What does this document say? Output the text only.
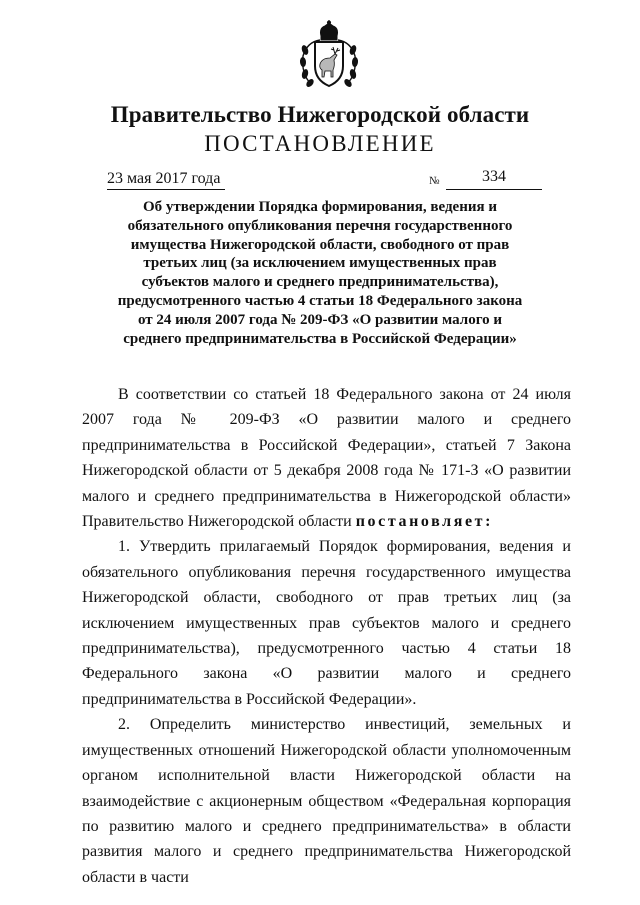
Правительство Нижегородской области
ПОСТАНОВЛЕНИЕ
23 мая 2017 года	№	334
Об утверждении Порядка формирования, ведения и обязательного опубликования перечня государственного имущества Нижегородской области, свободного от прав третьих лиц (за исключением имущественных прав субъектов малого и среднего предпринимательства), предусмотренного частью 4 статьи 18 Федерального закона от 24 июля 2007 года № 209-ФЗ «О развитии малого и среднего предпринимательства в Российской Федерации»

В соответствии со статьей 18 Федерального закона от 24 июля 2007 года № 209-ФЗ «О развитии малого и среднего предпринимательства в Российской Федерации», статьей 7 Закона Нижегородской области от 5 декабря 2008 года № 171-З «О развитии малого и среднего предпринимательства в Нижегородской области» Правительство Нижегородской области постановляет:

1. Утвердить прилагаемый Порядок формирования, ведения и обязательного опубликования перечня государственного имущества Нижегородской области, свободного от прав третьих лиц (за исключением имущественных прав субъектов малого и среднего предпринимательства), предусмотренного частью 4 статьи 18 Федерального закона «О развитии малого и среднего предпринимательства в Российской Федерации».

2. Определить министерство инвестиций, земельных и имущественных отношений Нижегородской области уполномоченным органом исполнительной власти Нижегородской области на взаимодействие с акционерным обществом «Федеральная корпорация по развитию малого и среднего предпринимательства» в области развития малого и среднего предпринимательства Нижегородской области в части
